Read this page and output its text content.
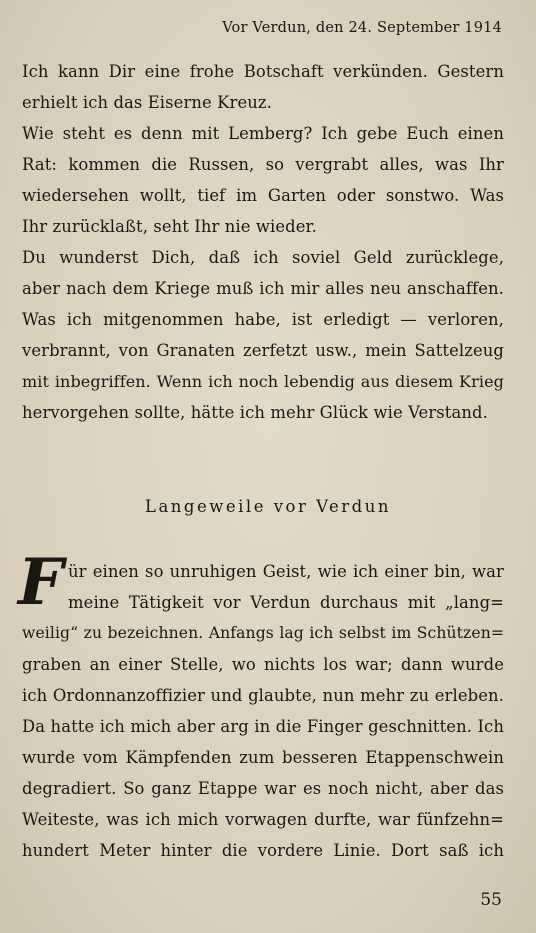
Vor Verdun, den 24. September 1914
Ich kann Dir eine frohe Botschaft verkünden. Gestern
erhielt ich das Eiserne Kreuz.
Wie steht es denn mit Lemberg? Ich gebe Euch einen
Rat: kommen die Russen, so vergrabt alles, was Ihr
wiedersehen wollt, tief im Garten oder sonstwo. Was
Ihr zurücklaßt, seht Ihr nie wieder.
Du wunderst Dich, daß ich soviel Geld zurücklege,
aber nach dem Kriege muß ich mir alles neu anschaffen.
Was ich mitgenommen habe, ist erledigt — verloren,
verbrannt, von Granaten zerfetzt usw., mein Sattelzeug
mit inbegriffen. Wenn ich noch lebendig aus diesem Krieg
hervorgehen sollte, hätte ich mehr Glück wie Verstand.
Langeweile vor Verdun
F ür einen so unruhigen Geist, wie ich einer bin, war
meine Tätigkeit vor Verdun durchaus mit „lang=
weilig“ zu bezeichnen. Anfangs lag ich selbst im Schützen=
graben an einer Stelle, wo nichts los war; dann wurde
ich Ordonnanzoffizier und glaubte, nun mehr zu erleben.
Da hatte ich mich aber arg in die Finger geschnitten. Ich
wurde vom Kämpfenden zum besseren Etappenschwein
degradiert. So ganz Etappe war es noch nicht, aber das
Weiteste, was ich mich vorwagen durfte, war fünfzehn=
hundert Meter hinter die vordere Linie. Dort saß ich
55
